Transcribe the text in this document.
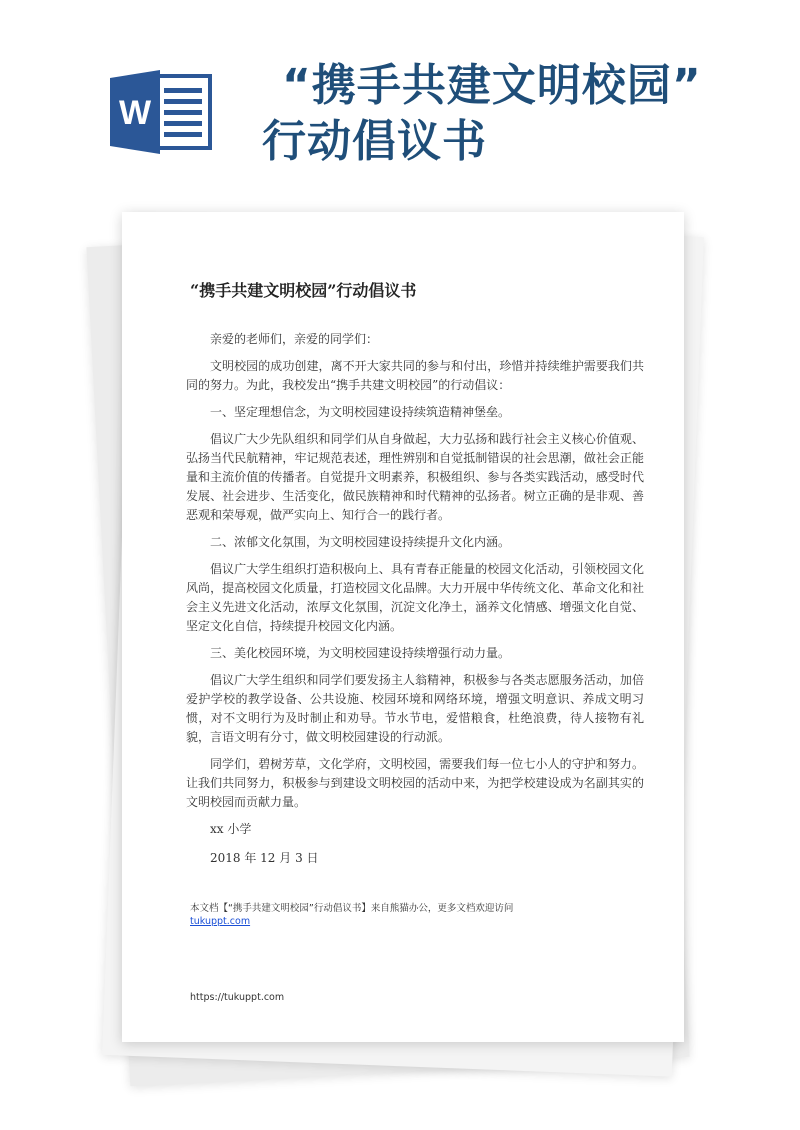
W
“携手共建文明校园”
行动倡议书
“携手共建文明校园”行动倡议书

亲爱的老师们，亲爱的同学们：

文明校园的成功创建，离不开大家共同的参与和付出，珍惜并持续维护需要我们共同的努力。为此，我校发出“携手共建文明校园”的行动倡议：

一、坚定理想信念，为文明校园建设持续筑造精神堡垒。

倡议广大少先队组织和同学们从自身做起，大力弘扬和践行社会主义核心价值观、弘扬当代民航精神，牢记规范表述，理性辨别和自觉抵制错误的社会思潮，做社会正能量和主流价值的传播者。自觉提升文明素养，积极组织、参与各类实践活动，感受时代发展、社会进步、生活变化，做民族精神和时代精神的弘扬者。树立正确的是非观、善恶观和荣辱观，做严实向上、知行合一的践行者。

二、浓郁文化氛围，为文明校园建设持续提升文化内涵。

倡议广大学生组织打造积极向上、具有青春正能量的校园文化活动，引领校园文化风尚，提高校园文化质量，打造校园文化品牌。大力开展中华传统文化、革命文化和社会主义先进文化活动，浓厚文化氛围，沉淀文化净土，涵养文化情感、增强文化自觉、坚定文化自信，持续提升校园文化内涵。

三、美化校园环境，为文明校园建设持续增强行动力量。

倡议广大学生组织和同学们要发扬主人翁精神，积极参与各类志愿服务活动，加倍爱护学校的教学设备、公共设施、校园环境和网络环境，增强文明意识、养成文明习惯，对不文明行为及时制止和劝导。节水节电，爱惜粮食，杜绝浪费，待人接物有礼貌，言语文明有分寸，做文明校园建设的行动派。

同学们，碧树芳草，文化学府，文明校园，需要我们每一位七小人的守护和努力。让我们共同努力，积极参与到建设文明校园的活动中来，为把学校建设成为名副其实的文明校园而贡献力量。

xx 小学
2018 年 12 月 3 日
本文档【“携手共建文明校园”行动倡议书】来自熊猫办公，更多文档欢迎访问
tukuppt.com
https://tukuppt.com
